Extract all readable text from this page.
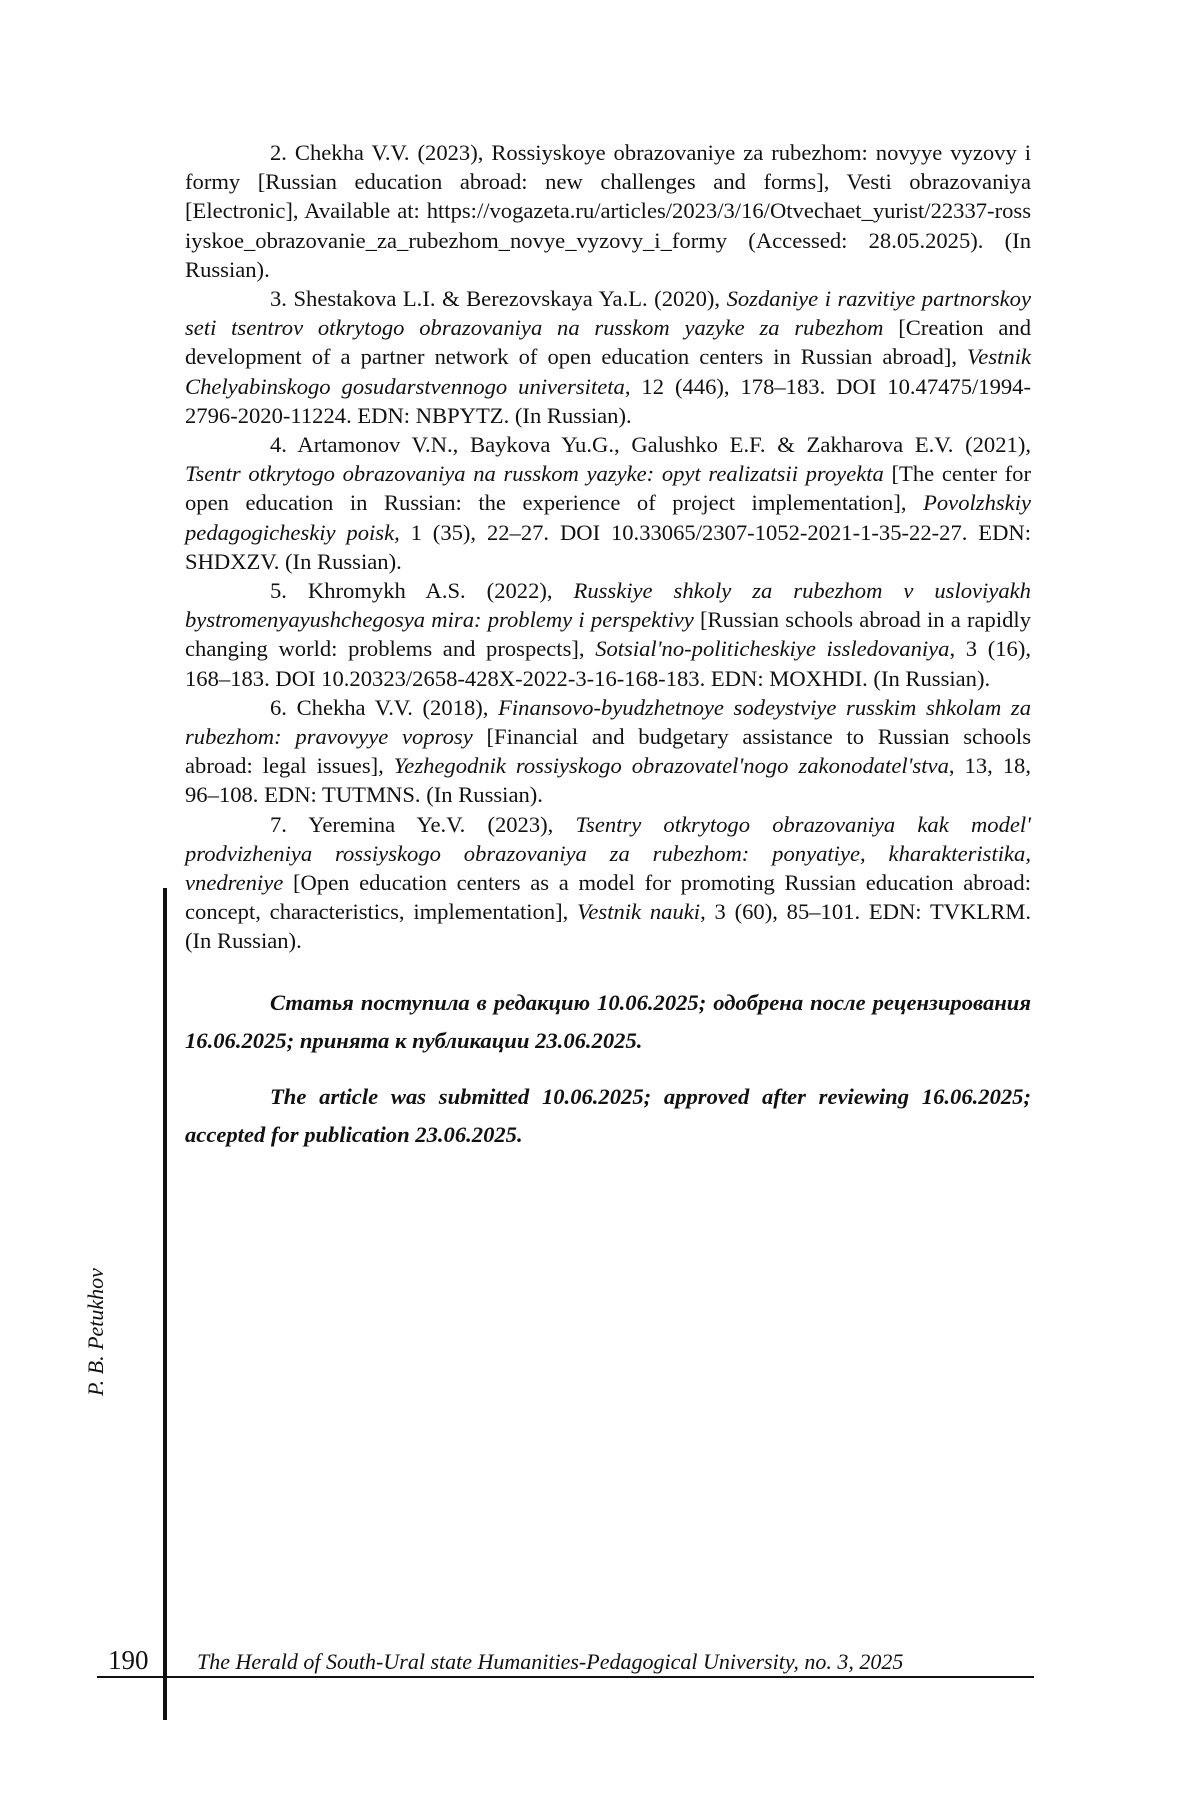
2. Chekha V.V. (2023), Rossiyskoye obrazovaniye za rubezhom: novyye vyzovy i formy [Russian education abroad: new challenges and forms], Vesti obrazovaniya [Electronic], Available at: https://vogazeta.ru/articles/2023/3/16/Otvechaet_yurist/22337-rossiyskoe_obrazovanie_za_rubezhom_novye_vyzovy_i_formy (Accessed: 28.05.2025). (In Russian).

3. Shestakova L.I. & Berezovskaya Ya.L. (2020), Sozdaniye i razvitiye partnorskoy seti tsentrov otkrytogo obrazovaniya na russkom yazyke za rubezhom [Creation and development of a partner network of open education centers in Russian abroad], Vestnik Chelyabinskogo gosudarstvennogo universiteta, 12 (446), 178–183. DOI 10.47475/1994-2796-2020-11224. EDN: NBPYTZ. (In Russian).

4. Artamonov V.N., Baykova Yu.G., Galushko E.F. & Zakharova E.V. (2021), Tsentr otkrytogo obrazovaniya na russkom yazyke: opyt realizatsii proyekta [The center for open education in Russian: the experience of project implementation], Povolzhskiy pedagogicheskiy poisk, 1 (35), 22–27. DOI 10.33065/2307-1052-2021-1-35-22-27. EDN: SHDXZV. (In Russian).

5. Khromykh A.S. (2022), Russkiye shkoly za rubezhom v usloviyakh bystromenyayushchegosya mira: problemy i perspektivy [Russian schools abroad in a rapidly changing world: problems and prospects], Sotsial'no-politicheskiye issledovaniya, 3 (16), 168–183. DOI 10.20323/2658-428X-2022-3-16-168-183. EDN: MOXHDI. (In Russian).

6. Chekha V.V. (2018), Finansovo-byudzhetnoye sodeystviye russkim shkolam za rubezhom: pravovyye voprosy [Financial and budgetary assistance to Russian schools abroad: legal issues], Yezhegodnik rossiyskogo obrazovatel'nogo zakonodatel'stva, 13, 18, 96–108. EDN: TUTMNS. (In Russian).

7. Yeremina Ye.V. (2023), Tsentry otkrytogo obrazovaniya kak model' prodvizheniya rossiyskogo obrazovaniya za rubezhom: ponyatiye, kharakteristika, vnedreniye [Open education centers as a model for promoting Russian education abroad: concept, characteristics, implementation], Vestnik nauki, 3 (60), 85–101. EDN: TVKLRM. (In Russian).

Статья поступила в редакцию 10.06.2025; одобрена после рецензирования 16.06.2025; принята к публикации 23.06.2025.

The article was submitted 10.06.2025; approved after reviewing 16.06.2025; accepted for publication 23.06.2025.

P. B. Petukhov
190 The Herald of South-Ural state Humanities-Pedagogical University, no. 3, 2025
